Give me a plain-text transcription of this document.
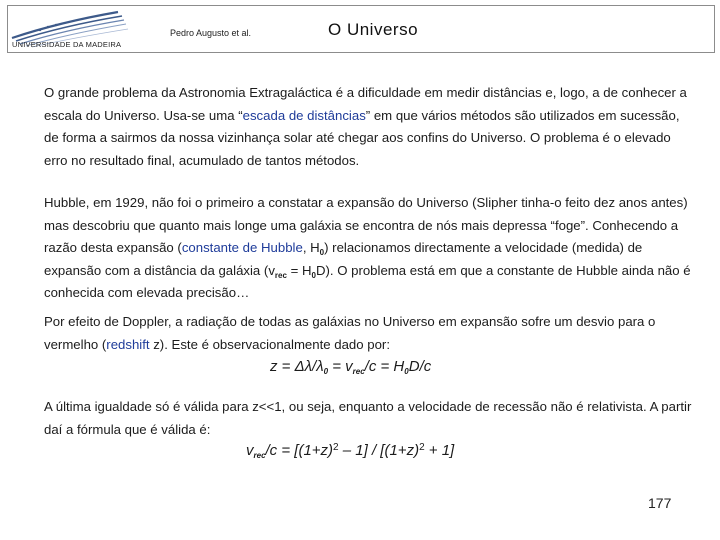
UNIVERSIDADE DA MADEIRA
Pedro Augusto et al.	O Universo

O grande problema da Astronomia Extragaláctica é a dificuldade em medir distâncias e, logo, a de conhecer a escala do Universo. Usa-se uma “escada de distâncias” em que vários métodos são utilizados em sucessão, de forma a sairmos da nossa vizinhança solar até chegar aos confins do Universo. O problema é o elevado erro no resultado final, acumulado de tantos métodos.

Hubble, em 1929, não foi o primeiro a constatar a expansão do Universo (Slipher tinha-o feito dez anos antes) mas descobriu que quanto mais longe uma galáxia se encontra de nós mais depressa “foge”. Conhecendo a razão desta expansão (constante de Hubble, $H_0$) relacionamos directamente a velocidade (medida) de expansão com a distância da galáxia $(v_{rec} = H_0D)$. O problema está em que a constante de Hubble ainda não é conhecida com elevada precisão…

Por efeito de Doppler, a radiação de todas as galáxias no Universo em expansão sofre um desvio para o vermelho (redshift z). Este é observacionalmente dado por:

$z = \Delta\lambda/\lambda_0 = v_{rec}/c = H_0D/c$

A última igualdade só é válida para z<<1, ou seja, enquanto a velocidade de recessão não é relativista. A partir daí a fórmula que é válida é:

$v_{rec}/c = [(1+z)^2 - 1] / [(1+z)^2 + 1]$
177
